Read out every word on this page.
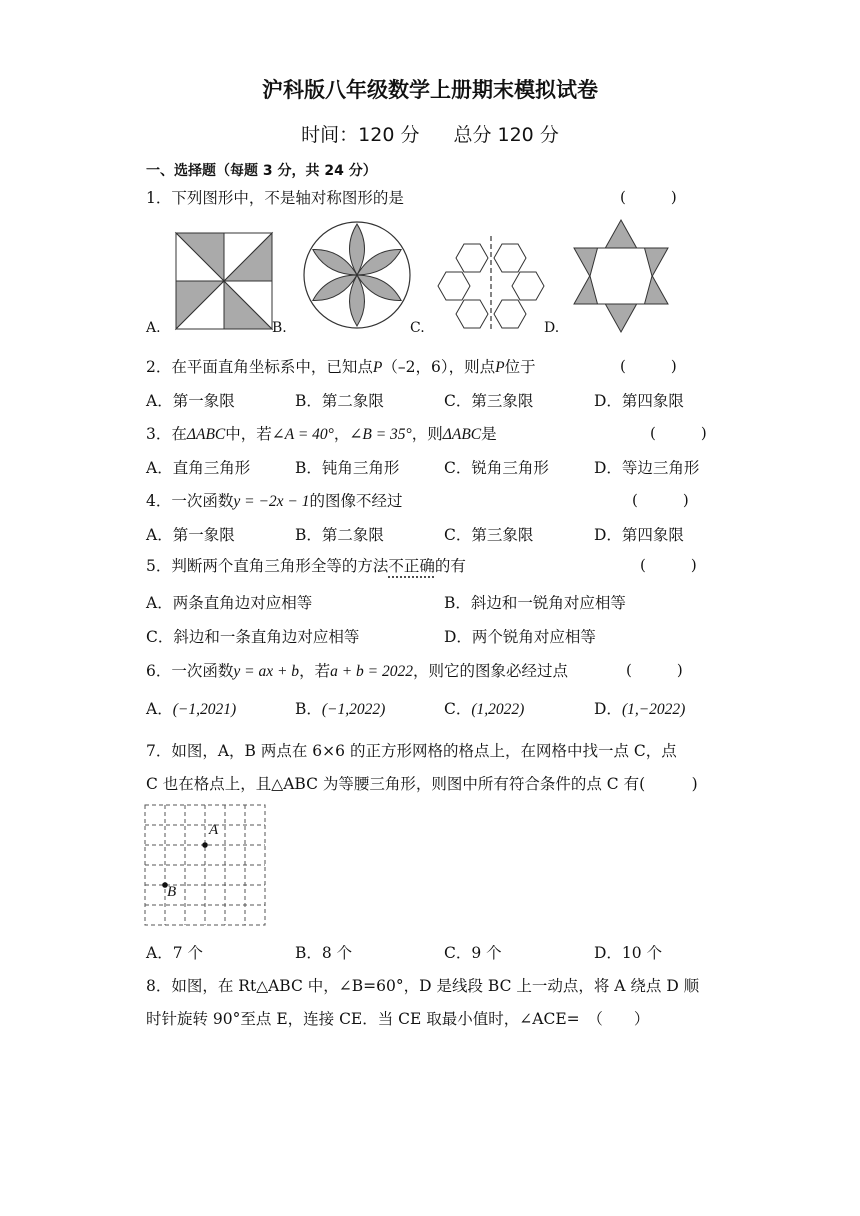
沪科版八年级数学上册期末模拟试卷
时间：120 分 总分 120 分
一、选择题（每题 3 分，共 24 分）
1．下列图形中，不是轴对称图形的是	(　　　)
A.	B.	C.	D.
2．在平面直角坐标系中，已知点P（–2，6），则点P位于	(　　　)
A．第一象限	B．第二象限	C．第三象限	D．第四象限
3．在ΔABC中，若∠A = 40°，∠B = 35°，则ΔABC是	(　　　)
A．直角三角形	B．钝角三角形	C．锐角三角形	D．等边三角形
4．一次函数y = −2x − 1的图像不经过	(　　　)
A．第一象限	B．第二象限	C．第三象限	D．第四象限
5．判断两个直角三角形全等的方法不正确的有	(　　　)
A．两条直角边对应相等	B．斜边和一锐角对应相等
C．斜边和一条直角边对应相等	D．两个锐角对应相等
6．一次函数y = ax + b，若a + b = 2022，则它的图象必经过点	(　　　)
A．(−1,2021)	B．(−1,2022)	C．(1,2022)	D．(1,−2022)
7．如图，A，B 两点在 6×6 的正方形网格的格点上，在网格中找一点 C，点
C 也在格点上，且△ABC 为等腰三角形，则图中所有符合条件的点 C 有(　　　)
A
B
A．7 个	B．8 个	C．9 个	D．10 个
8．如图，在 Rt△ABC 中，∠B=60°，D 是线段 BC 上一动点，将 A 绕点 D 顺
时针旋转 90°至点 E，连接 CE．当 CE 取最小值时，∠ACE=　（　　）
